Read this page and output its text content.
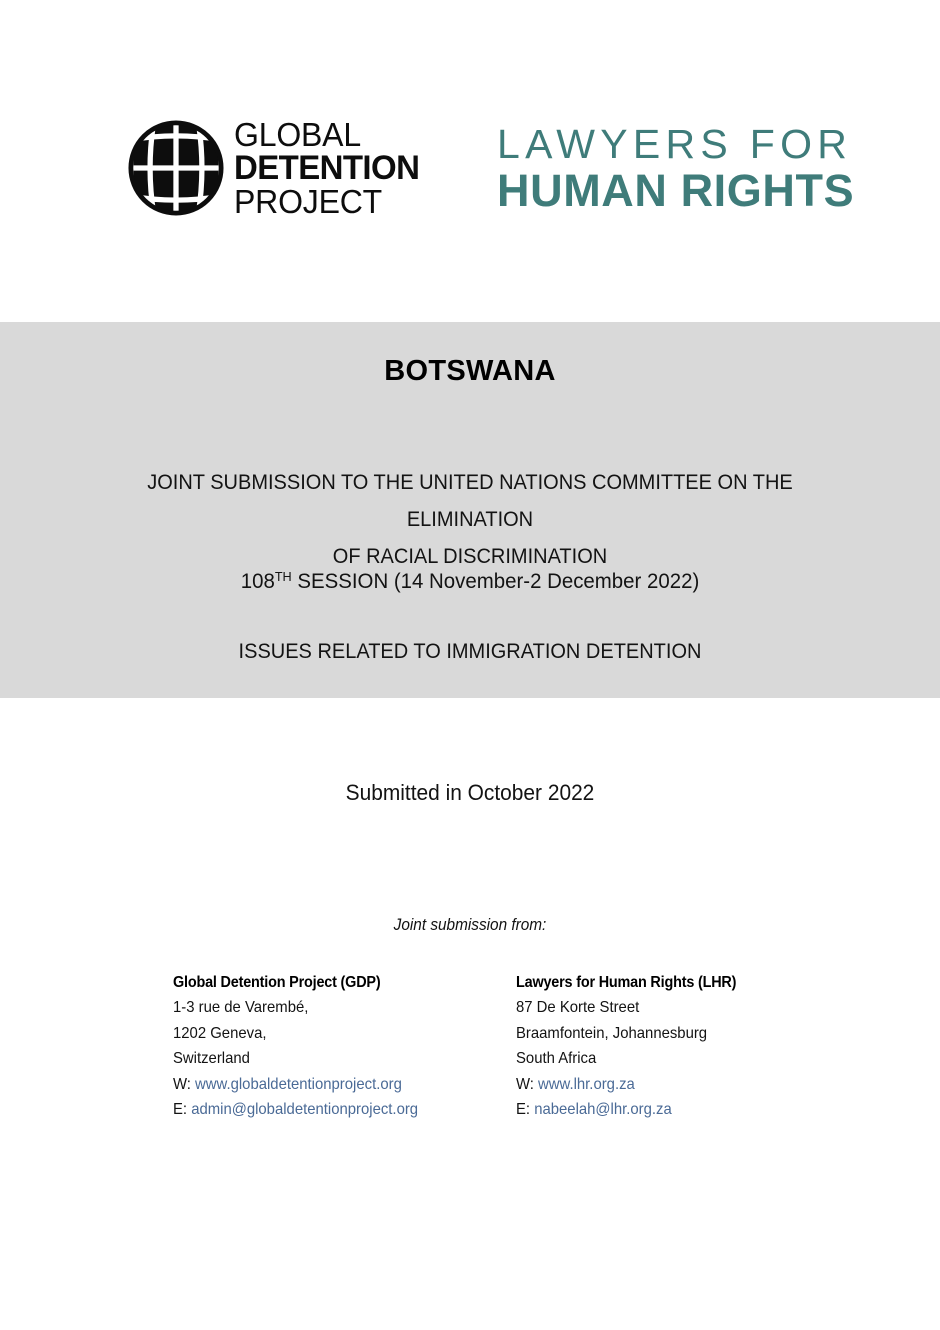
GLOBAL
DETENTION
PROJECT
LAWYERS FOR
HUMAN RIGHTS
BOTSWANA
JOINT SUBMISSION TO THE UNITED NATIONS COMMITTEE ON THE ELIMINATION
OF RACIAL DISCRIMINATION
108TH SESSION (14 November-2 December 2022)
ISSUES RELATED TO IMMIGRATION DETENTION
Submitted in October 2022
Joint submission from:
Global Detention Project (GDP)
1-3 rue de Varembé,
1202 Geneva,
Switzerland
W: www.globaldetentionproject.org
E: admin@globaldetentionproject.org
Lawyers for Human Rights (LHR)
87 De Korte Street
Braamfontein, Johannesburg
South Africa
W: www.lhr.org.za
E: nabeelah@lhr.org.za
